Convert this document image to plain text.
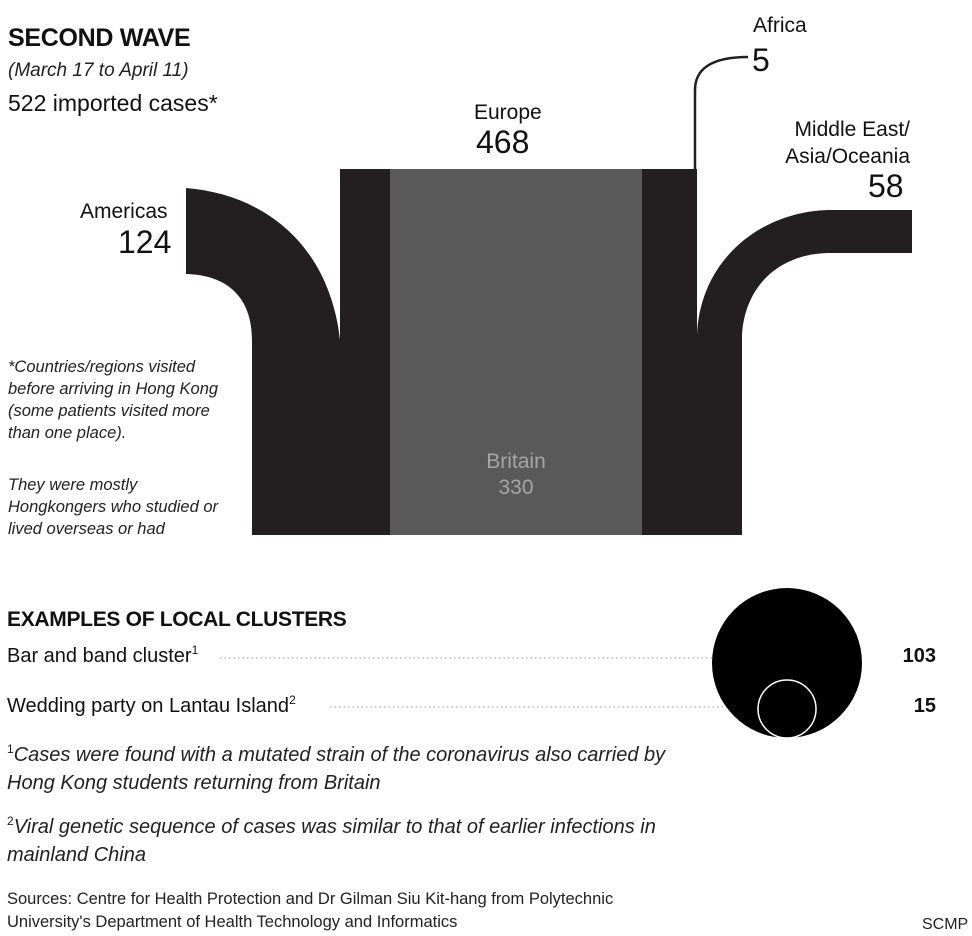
SECOND WAVE
(March 17 to April 11)
522 imported cases*
Americas
124
Europe
468
Africa
5
Middle East/ Asia/Oceania
58
Britain
330
*Countries/regions visited before arriving in Hong Kong (some patients visited more than one place).
They were mostly Hongkongers who studied or lived overseas or had
EXAMPLES OF LOCAL CLUSTERS
Bar and band cluster$^1$	103
Wedding party on Lantau Island$^2$	15
$^1$Cases were found with a mutated strain of the coronavirus also carried by Hong Kong students returning from Britain
$^2$Viral genetic sequence of cases was similar to that of earlier infections in mainland China
Sources: Centre for Health Protection and Dr Gilman Siu Kit-hang from Polytechnic University's Department of Health Technology and Informatics	SCMP
